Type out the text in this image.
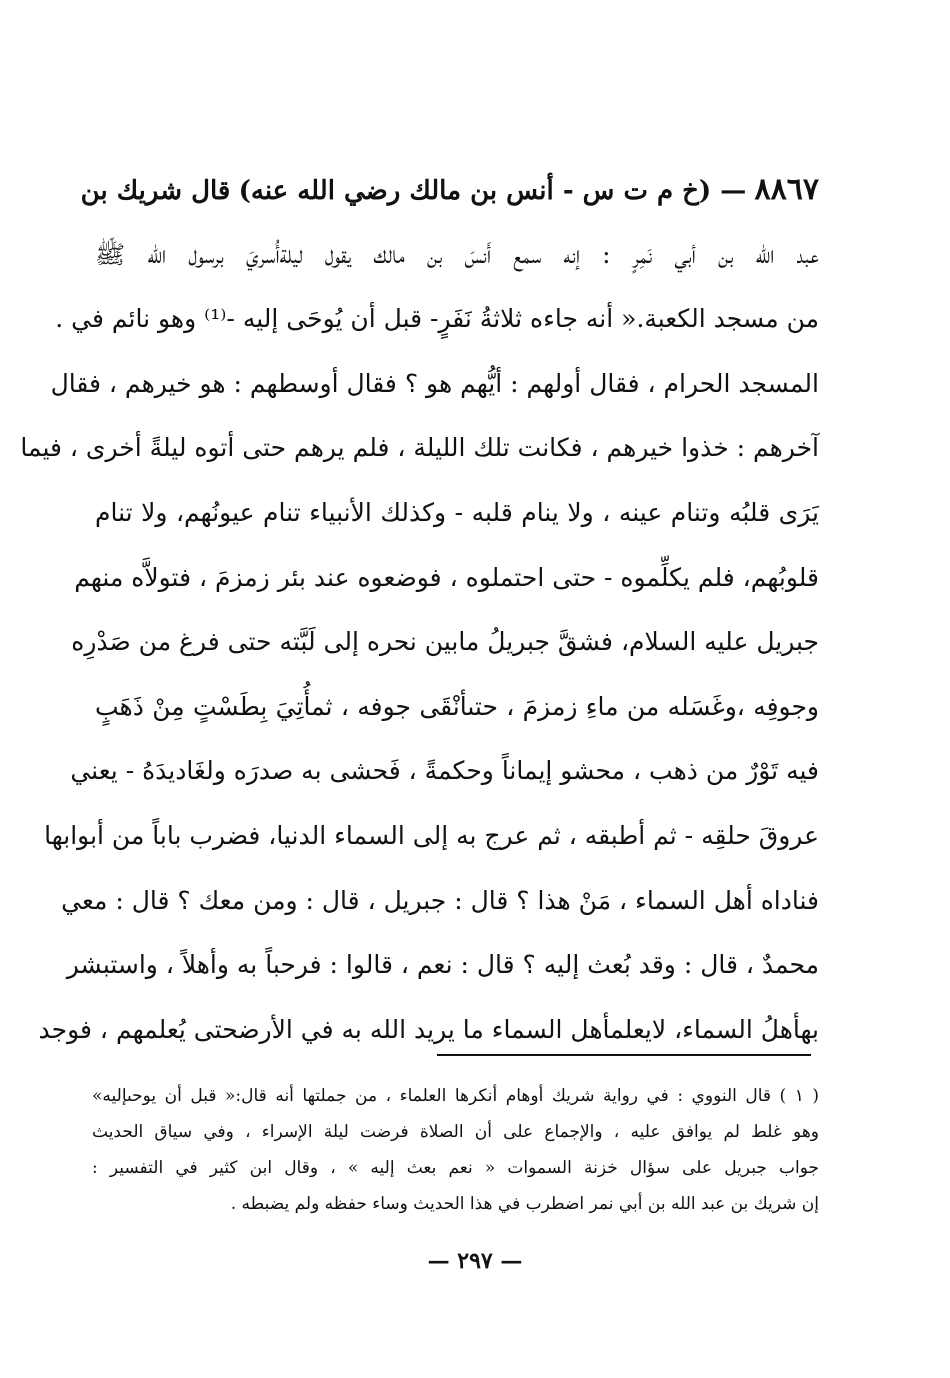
٨٨٦٧ — (خ م ت س - أنس بن مالك رضي الله عنه) قال شريك بن
عبد الله بن أبي نَمِرٍ : إنه سمع أَنسَ بن مالك يقول ليلةأُسريَ برسول الله ﷺ
من مسجد الكعبة.« أنه جاءه ثلاثةُ نَفَرٍ- قبل أن يُوحَى إليه -⁽¹⁾ وهو نائم في .
المسجد الحرام ، فقال أولهم : أيُّهم هو ؟ فقال أوسطهم : هو خيرهم ، فقال
آخرهم : خذوا خيرهم ، فكانت تلك الليلة ، فلم يرهم حتى أتوه ليلةً أخرى ، فيما
يَرَى قلبُه وتنام عينه ، ولا ينام قلبه - وكذلك الأنبياء تنام عيونُهم، ولا تنام
قلوبُهم، فلم يكلِّموه - حتى احتملوه ، فوضعوه عند بئر زمزمَ ، فتولاَّه منهم
جبريل عليه السلام، فشقَّ جبريلُ مابين نحره إلى لَبَّته حتى فرغ من صَدْرِه
وجوفِه ،وغَسَله من ماءِ زمزمَ ، حتىأنْقَى جوفه ، ثمأُتِيَ بِطَسْتٍ مِنْ ذَهَبٍ
فيه تَوْرٌ من ذهب ، محشو إيماناً وحكمةً ، فَحشى به صدرَه ولغَاديدَهُ - يعني
عروقَ حلقِه - ثم أطبقه ، ثم عرج به إلى السماء الدنيا، فضرب باباً من أبوابها
فناداه أهل السماء ، مَنْ هذا ؟ قال : جبريل ، قال : ومن معك ؟ قال : معي
محمدٌ ، قال : وقد بُعث إليه ؟ قال : نعم ، قالوا : فرحباً به وأهلاً ، واستبشر
بهأهلُ السماء، لايعلمأهل السماء ما يريد الله به في الأرضحتى يُعلمهم ، فوجد
( ١ ) قال النووي : في رواية شريك أوهام أنكرها العلماء ، من جملتها أنه قال:« قبل أن يوحىإليه»
وهو غلط لم يوافق عليه ، والإجماع على أن الصلاة فرضت ليلة الإسراء ، وفي سياق الحديث
جواب جبريل على سؤال خزنة السموات « نعم بعث إليه » ، وقال ابن كثير في التفسير :
إن شريك بن عبد الله بن أبي نمر اضطرب في هذا الحديث وساء حفظه ولم يضبطه .
— ٢٩٧ —
